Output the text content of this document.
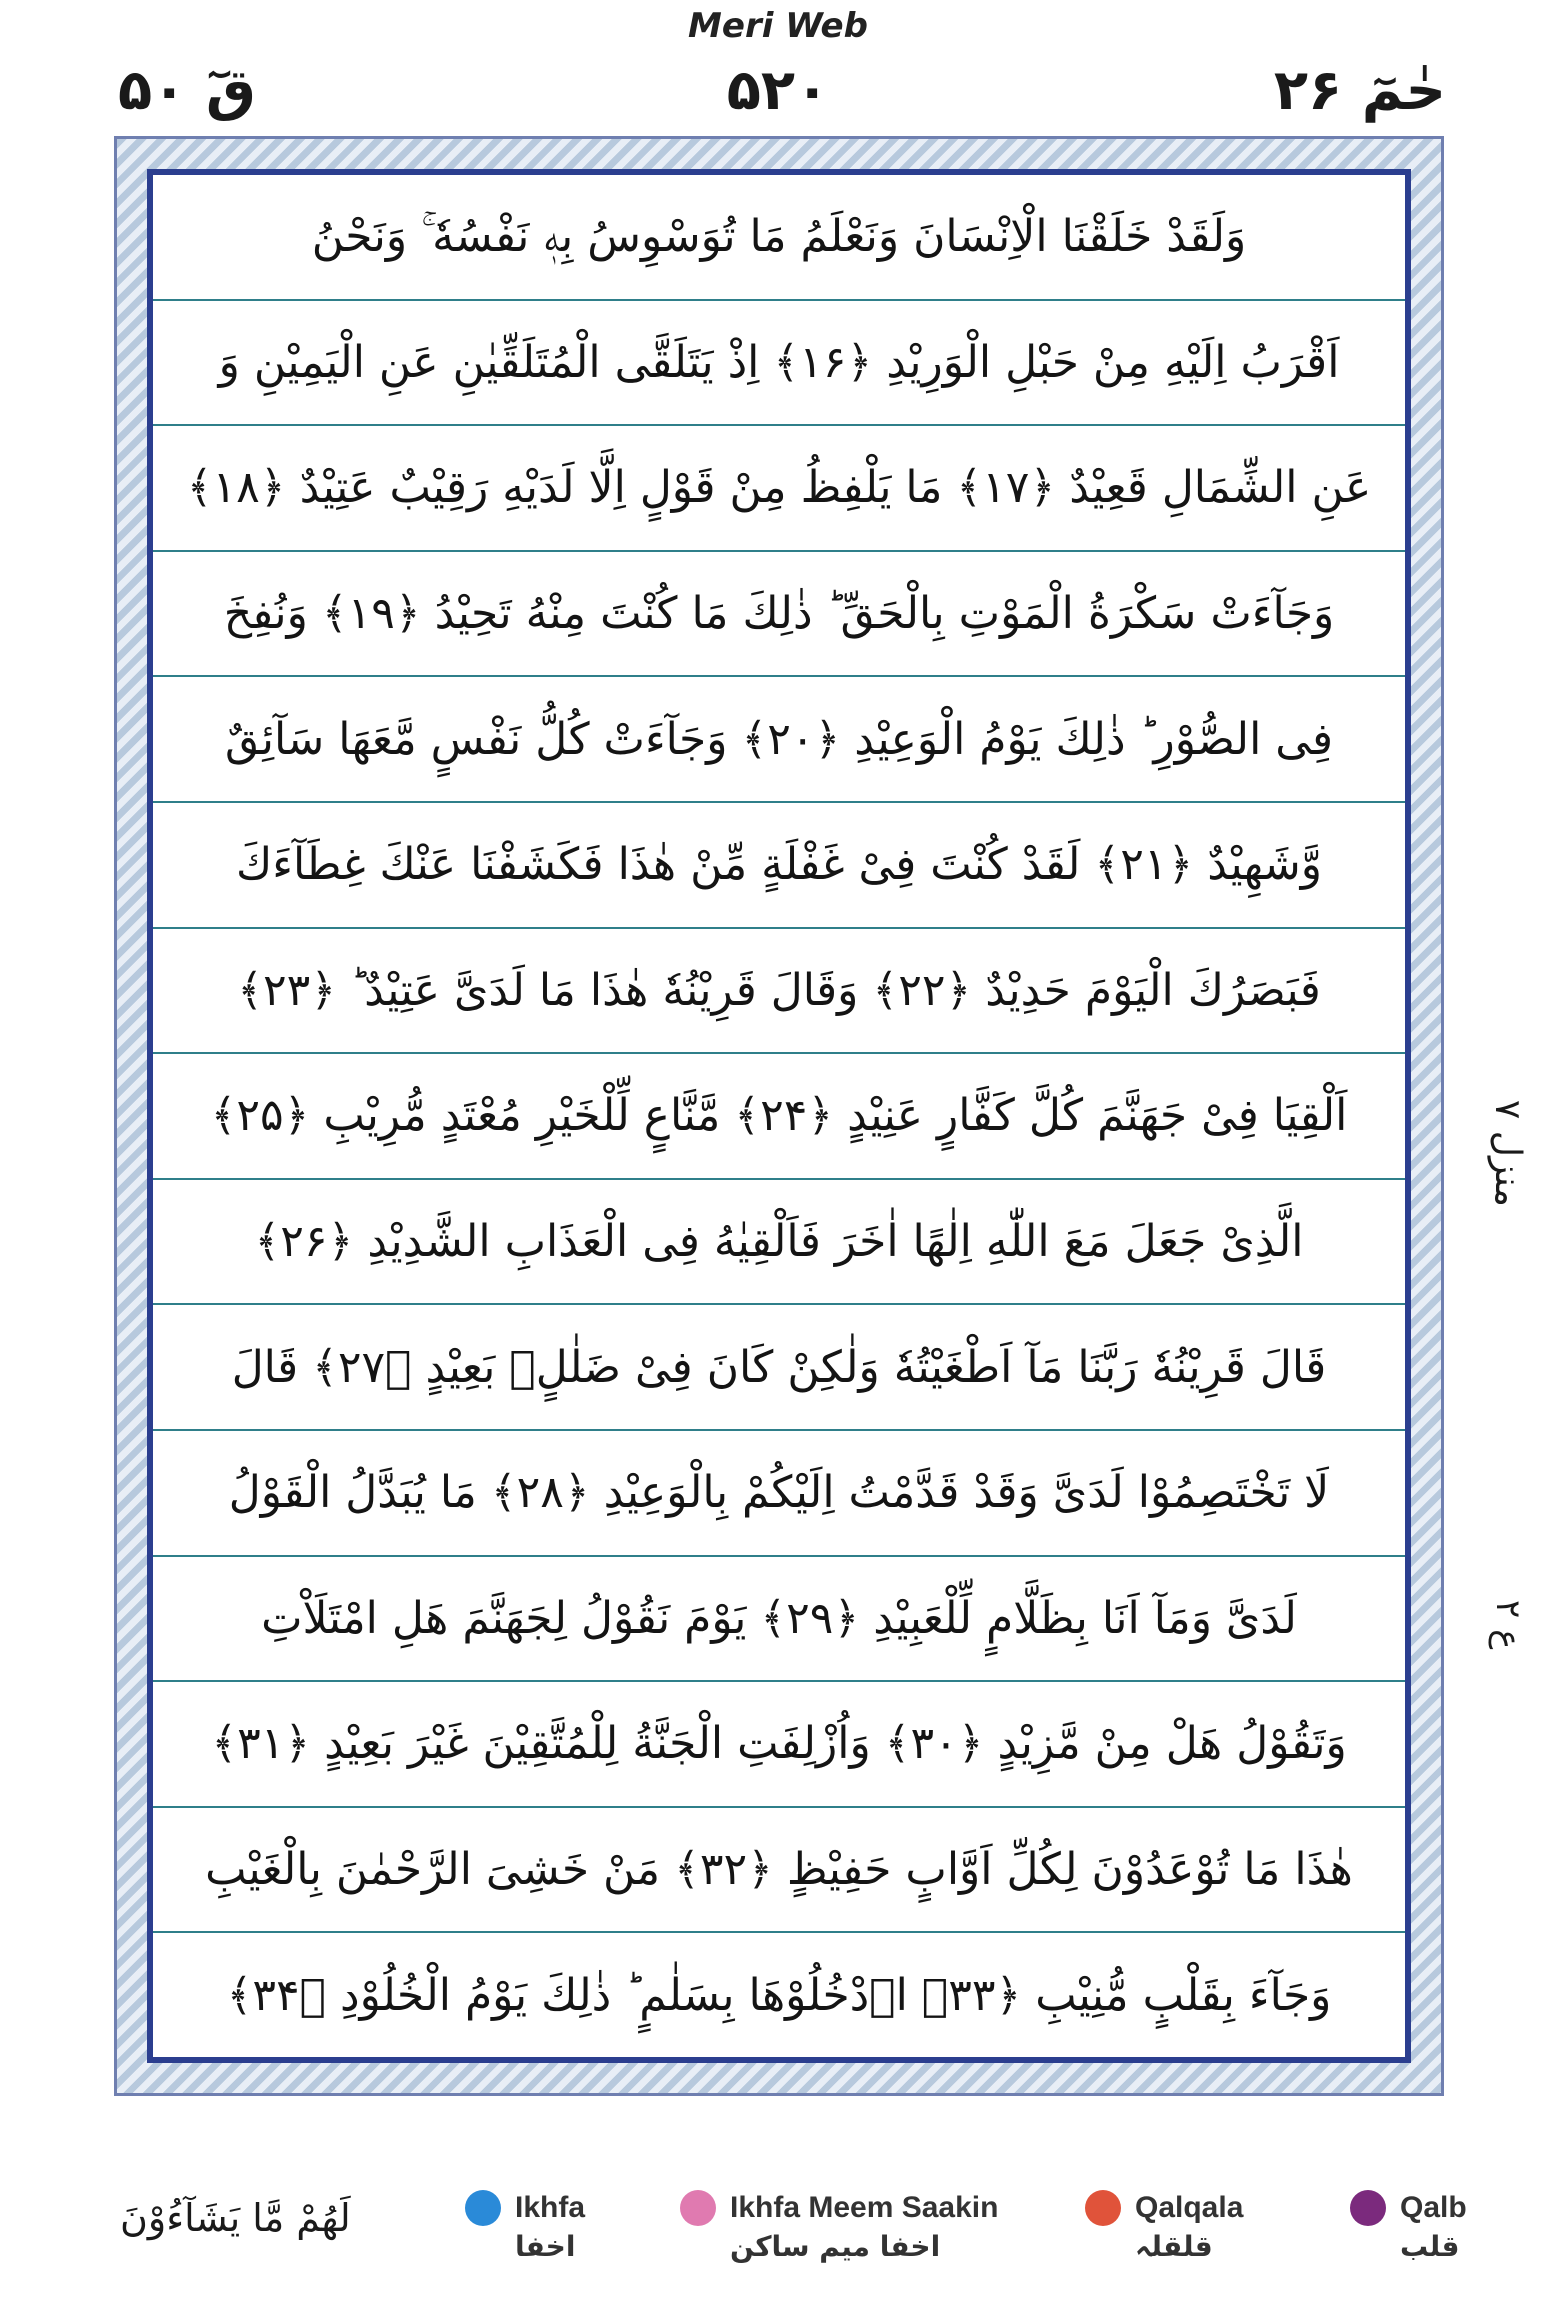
Meri Web
حٰمٓ ۲۶
۵۲۰
قٓ ۵۰
وَلَقَدْ خَلَقْنَا الْاِنْسَانَ وَنَعْلَمُ مَا تُوَسْوِسُ بِهٖ نَفْسُهٗ ۚ وَنَحْنُ
اَقْرَبُ اِلَيْهِ مِنْ حَبْلِ الْوَرِيْدِ ﴿۱۶﴾ اِذْ يَتَلَقَّى الْمُتَلَقِّيٰنِ عَنِ الْيَمِيْنِ وَ
عَنِ الشِّمَالِ قَعِيْدٌ ﴿۱۷﴾ مَا يَلْفِظُ مِنْ قَوْلٍ اِلَّا لَدَيْهِ رَقِيْبٌ عَتِيْدٌ ﴿۱۸﴾
وَجَآءَتْ سَكْرَةُ الْمَوْتِ بِالْحَقِّ ؕ ذٰلِكَ مَا كُنْتَ مِنْهُ تَحِيْدُ ﴿۱۹﴾ وَنُفِخَ
فِى الصُّوْرِ ؕ ذٰلِكَ يَوْمُ الْوَعِيْدِ ﴿۲۰﴾ وَجَآءَتْ كُلُّ نَفْسٍ مَّعَهَا سَآئِقٌ
وَّشَهِيْدٌ ﴿۲۱﴾ لَقَدْ كُنْتَ فِىْ غَفْلَةٍ مِّنْ هٰذَا فَكَشَفْنَا عَنْكَ غِطَآءَكَ
فَبَصَرُكَ الْيَوْمَ حَدِيْدٌ ﴿۲۲﴾ وَقَالَ قَرِيْنُهٗ هٰذَا مَا لَدَىَّ عَتِيْدٌ ؕ ﴿۲۳﴾
اَلْقِيَا فِىْ جَهَنَّمَ كُلَّ كَفَّارٍ عَنِيْدٍ ﴿۲۴﴾ مَّنَّاعٍ لِّلْخَيْرِ مُعْتَدٍ مُّرِيْبِ ﴿۲۵﴾
الَّذِىْ جَعَلَ مَعَ اللّٰهِ اِلٰهًا اٰخَرَ فَاَلْقِيٰهُ فِى الْعَذَابِ الشَّدِيْدِ ﴿۲۶﴾
قَالَ قَرِيْنُهٗ رَبَّنَا مَآ اَطْغَيْتُهٗ وَلٰكِنْ كَانَ فِىْ ضَلٰلٍۢ بَعِيْدٍ ﴿۲۷﴾ قَالَ
لَا تَخْتَصِمُوْا لَدَىَّ وَقَدْ قَدَّمْتُ اِلَيْكُمْ بِالْوَعِيْدِ ﴿۲۸﴾ مَا يُبَدَّلُ الْقَوْلُ
لَدَىَّ وَمَآ اَنَا بِظَلَّامٍ لِّلْعَبِيْدِ ﴿۲۹﴾ يَوْمَ نَقُوْلُ لِجَهَنَّمَ هَلِ امْتَلَاْتِ
وَتَقُوْلُ هَلْ مِنْ مَّزِيْدٍ ﴿۳۰﴾ وَاُزْلِفَتِ الْجَنَّةُ لِلْمُتَّقِيْنَ غَيْرَ بَعِيْدٍ ﴿۳۱﴾
هٰذَا مَا تُوْعَدُوْنَ لِكُلِّ اَوَّابٍ حَفِيْظٍ ﴿۳۲﴾ مَنْ خَشِىَ الرَّحْمٰنَ بِالْغَيْبِ
وَجَآءَ بِقَلْبٍ مُّنِيْبِ ﴿۳۳﴾ اۨدْخُلُوْهَا بِسَلٰمٍ ؕ ذٰلِكَ يَوْمُ الْخُلُوْدِ ﴿۳۴﴾
منزل ۷
ع ۲
لَهُمْ مَّا يَشَآءُوْنَ	Qalb
قلب
Qalqala
قلقلہ
Ikhfa Meem Saakin
اخفا میم ساکن
Ikhfa
اخفا
